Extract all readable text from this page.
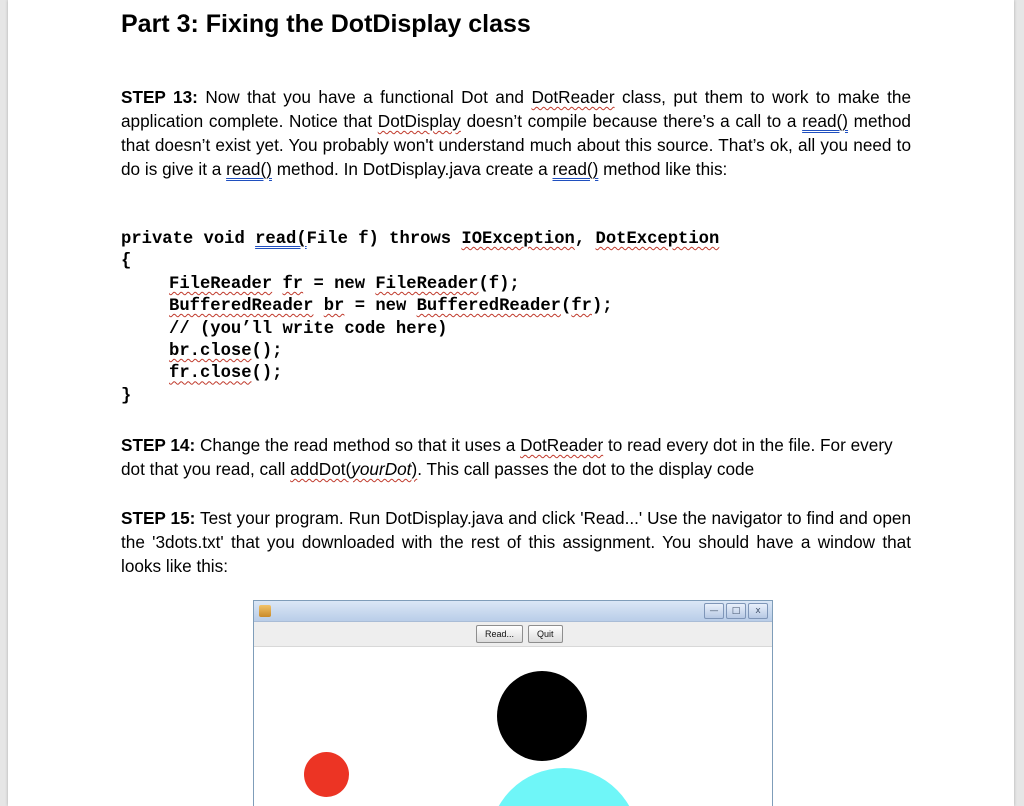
Part 3: Fixing the DotDisplay class

STEP 13: Now that you have a functional Dot and DotReader class, put them to work to make the application complete. Notice that DotDisplay doesn’t compile because there’s a call to a read() method that doesn’t exist yet. You probably won't understand much about this source. That’s ok, all you need to do is give it a read() method. In DotDisplay.java create a read() method like this:

private void read(File f) throws IOException, DotException
{
FileReader fr = new FileReader(f);
BufferedReader br = new BufferedReader(fr);
// (you’ll write code here)
br.close();
fr.close();
}

STEP 14: Change the read method so that it uses a DotReader to read every dot in the file. For every dot that you read, call addDot(yourDot). This call passes the dot to the display code

STEP 15: Test your program. Run DotDisplay.java and click 'Read...' Use the navigator to find and open the '3dots.txt' that you downloaded with the rest of this assignment. You should have a window that looks like this:

—	□	x
Read...	Quit
